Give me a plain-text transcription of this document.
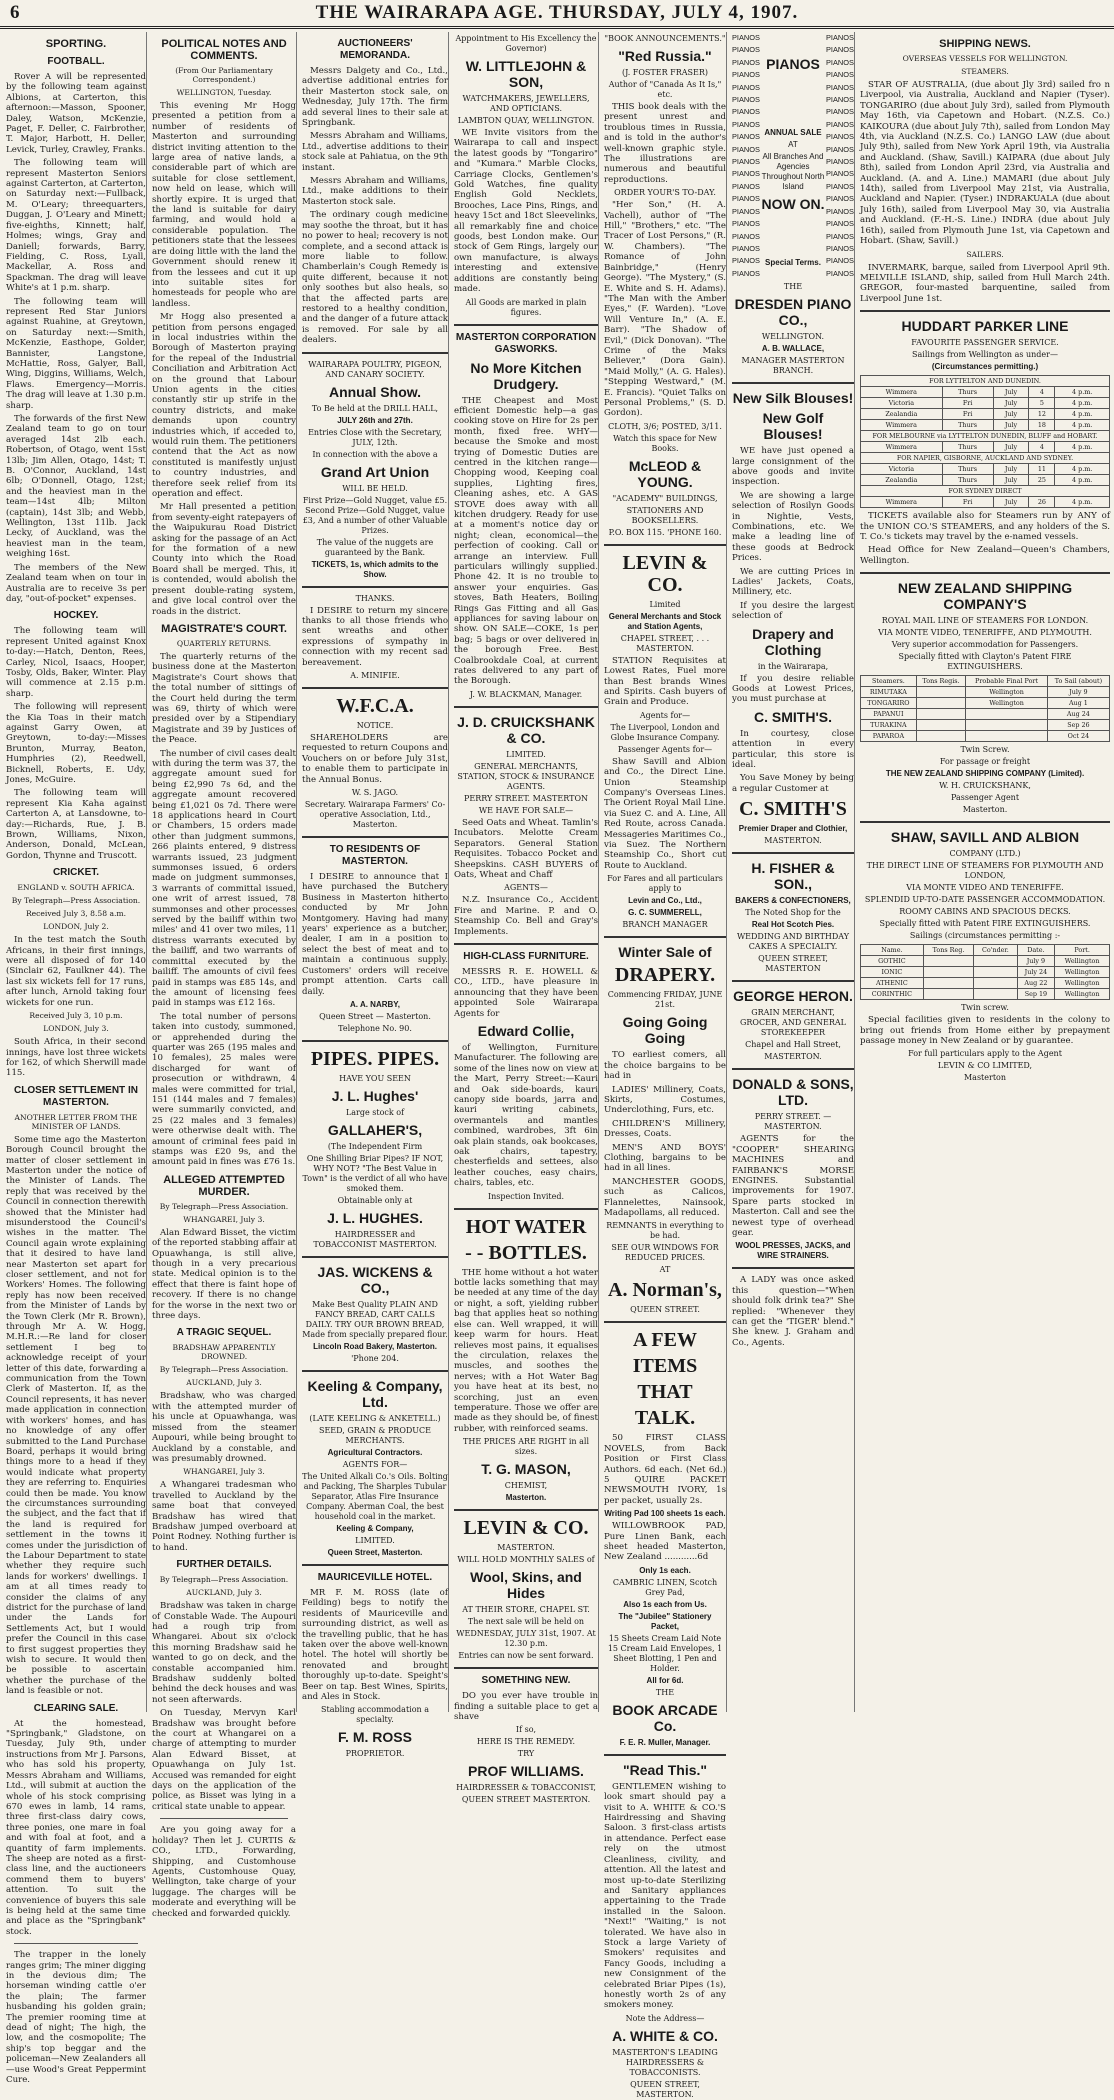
6	THE WAIRARAPA AGE. THURSDAY, JULY 4, 1907.
SPORTING.
FOOTBALL.

Rover A will be represented by the following team against Albions, at Carterton, this afternoon:—Masson, Spooner, Daley, Watson, McKenzie, Paget, F. Deller, C. Fairbrother, T. Major, Harbott, H. Deller, Levick, Turley, Crawley, Franks.

The following team will represent Masterton Seniors against Carterton, at Carterton, on Saturday next:—Fullback, M. O'Leary; threequarters, Duggan, J. O'Leary and Minett; five-eighths, Kinnett; half, Holmes; wings, Gray and Daniell; forwards, Barry, Fielding, C. Ross, Lyall, Mackellar, A. Ross and Spackman. The drag will leave White's at 1 p.m. sharp.

The following team will represent Red Star Juniors against Ruahine, at Greytown, on Saturday next:—Smith, McKenzie, Easthope, Golder, Bannister, Langstone, McHattie, Ross, Galyer, Ball, Wing, Diggins, Williams, Welch, Flaws. Emergency—Morris. The drag will leave at 1.30 p.m. sharp.

The forwards of the first New Zealand team to go on tour averaged 14st 2lb each. Robertson, of Otago, went 15st 13lb; Jim Allen, Otago, 14st; T. B. O'Connor, Auckland, 14st 6lb; O'Donnell, Otago, 12st; and the heaviest man in the team—14st 4lb; Milton (captain), 14st 3lb; and Webb, Wellington, 13st 11lb. Jack Lecky, of Auckland, was the heaviest man in the team, weighing 16st.

The members of the New Zealand team when on tour in Australia are to receive 3s per day, "out-of-pocket" expenses.

HOCKEY.

The following team will represent United against Knox to-day:—Hatch, Denton, Rees, Carley, Nicol, Isaacs, Hooper, Tosby, Olds, Baker, Winter. Play will commence at 2.15 p.m. sharp.

The following will represent the Kia Toas in their match against Garry Owen, at Greytown, to-day:—Misses Brunton, Murray, Beaton, Humphries (2), Reedwell, Bicknell, Roberts, E. Udy, Jones, McGuire.

The following team will represent Kia Kaha against Carterton A, at Lansdowne, to-day:—Richards, Rue, J. B. Brown, Williams, Nixon, Anderson, Donald, McLean, Gordon, Thynne and Truscott.

CRICKET.
ENGLAND v. SOUTH AFRICA.
By Telegraph—Press Association.
Received July 3, 8.58 a.m.
LONDON, July 2.

In the test match the South Africans, in their first innings, were all disposed of for 140 (Sinclair 62, Faulkner 44). The last six wickets fell for 17 runs, after lunch, Arnold taking four wickets for one run.

Received July 3, 10 p.m.
LONDON, July 3.

South Africa, in their second innings, have lost three wickets for 162, of which Sherwill made 115.

CLOSER SETTLEMENT IN MASTERTON.
ANOTHER LETTER FROM THE MINISTER OF LANDS.

Some time ago the Masterton Borough Council brought the matter of closer settlement in Masterton under the notice of the Minister of Lands. The reply that was received by the Council in connection therewith showed that the Minister had misunderstood the Council's wishes in the matter. The Council again wrote explaining that it desired to have land near Masterton set apart for closer settlement, and not for Workers' Homes. The following reply has now been received from the Minister of Lands by the Town Clerk (Mr R. Brown), through Mr A. W. Hogg, M.H.R.:—Re land for closer settlement I beg to acknowledge receipt of your letter of this date, forwarding a communication from the Town Clerk of Masterton. If, as the Council represents, it has never made application in connection with workers' homes, and has no knowledge of any offer submitted to the Land Purchase Board, perhaps it would bring things more to a head if they would indicate what property they are referring to. Enquiries could then be made. You know the circumstances surrounding the subject, and the fact that if the land is required for settlement in the towns it comes under the jurisdiction of the Labour Department to state whether they require such lands for workers' dwellings. I am at all times ready to consider the claims of any district for the purchase of land under the Lands for Settlements Act, but I would prefer the Council in this case to first suggest properties they wish to secure. It would then be possible to ascertain whether the purchase of the land is feasible or not.

CLEARING SALE.

At the homestead, "Springbank," Gladstone, on Tuesday, July 9th, under instructions from Mr J. Parsons, who has sold his property, Messrs Abraham and Williams, Ltd., will submit at auction the whole of his stock comprising 670 ewes in lamb, 14 rams, three first-class dairy cows, three ponies, one mare in foal and with foal at foot, and a quantity of farm implements. The sheep are noted as a first-class line, and the auctioneers commend them to buyers' attention. To suit the convenience of buyers this sale is being held at the same time and place as the "Springbank" stock.

The trapper in the lonely ranges grim; The miner digging in the devious dim; The horseman winding cattle o'er the plain; The farmer husbanding his golden grain; The premier rooming time at dead of night; The high, the low, and the cosmopolite; The ship's top beggar and the policeman—New Zealanders all—use Wood's Great Peppermint Cure.

POLITICAL NOTES AND COMMENTS.
(From Our Parliamentary Correspondent.)
WELLINGTON, Tuesday.

This evening Mr Hogg presented a petition from a number of residents of Masterton and surrounding district inviting attention to the large area of native lands, a considerable part of which are suitable for close settlement, now held on lease, which will shortly expire. It is urged that the land is suitable for dairy farming, and would hold a considerable population. The petitioners state that the lessees are doing little with the land the Government should renew it from the lessees and cut it up into suitable sites for homesteads for people who are landless.

Mr Hogg also presented a petition from persons engaged in local industries within the Borough of Masterton praying for the repeal of the Industrial Conciliation and Arbitration Act on the ground that Labour Union agents in the cities constantly stir up strife in the country districts, and make demands upon country industries which, if acceded to, would ruin them. The petitioners contend that the Act as now constituted is manifestly unjust to country industries, and therefore seek relief from its operation and effect.

Mr Hall presented a petition from seventy-eight ratepayers of the Waipukurau Road District asking for the passage of an Act for the formation of a new County into which the Road Board shall be merged. This, it is contended, would abolish the present double-rating system, and give local control over the roads in the district.

MAGISTRATE'S COURT.
QUARTERLY RETURNS.

The quarterly returns of the business done at the Masterton Magistrate's Court shows that the total number of sittings of the Court held during the term was 69, thirty of which were presided over by a Stipendiary Magistrate and 39 by Justices of the Peace.

The number of civil cases dealt with during the term was 37, the aggregate amount sued for being £2,990 7s 6d, and the aggregate amount recovered being £1,021 0s 7d. There were 18 applications heard in Court or Chambers, 15 orders made other than judgment summons, 266 plaints entered, 9 distress warrants issued, 23 judgment summonses issued, 6 orders made on judgment summonses, 3 warrants of committal issued, one writ of arrest issued, 78 summonses and other processes served by the bailiff within two miles' and 41 over two miles, 11 distress warrants executed by the bailiff, and two warrants of committal executed by the bailiff. The amounts of civil fees paid in stamps was £85 14s, and the amount of licensing fees paid in stamps was £12 16s.

The total number of persons taken into custody, summoned, or apprehended during the quarter was 265 (195 males and 10 females), 25 males were discharged for want of prosecution or withdrawn, 4 males were committed for trial, 151 (144 males and 7 females) were summarily convicted, and 25 (22 males and 3 females) were otherwise dealt with. The amount of criminal fees paid in stamps was £20 9s, and the amount paid in fines was £76 1s.

ALLEGED ATTEMPTED MURDER.
By Telegraph—Press Association.
WHANGAREI, July 3.

Alan Edward Bisset, the victim of the reported stabbing affair at Opuawhanga, is still alive, though in a very precarious state. Medical opinion is to the effect that there is faint hope of recovery. If there is no change for the worse in the next two or three days.

A TRAGIC SEQUEL.
BRADSHAW APPARENTLY DROWNED.
By Telegraph—Press Association.
AUCKLAND, July 3.

Bradshaw, who was charged with the attempted murder of his uncle at Opuawhanga, was missed from the steamer Aupouri, while being brought to Auckland by a constable, and was presumably drowned.

WHANGAREI, July 3.

A Whangarei tradesman who travelled to Auckland by the same boat that conveyed Bradshaw has wired that Bradshaw jumped overboard at Point Rodney. Nothing further is to hand.

FURTHER DETAILS.
By Telegraph—Press Association.
AUCKLAND, July 3.

Bradshaw was taken in charge of Constable Wade. The Aupouri had a rough trip from Whangarei. About six o'clock this morning Bradshaw said he wanted to go on deck, and the constable accompanied him. Bradshaw suddenly bolted behind the deck houses and was not seen afterwards.

On Tuesday, Mervyn Karl Bradshaw was brought before the court at Whangarei on a charge of attempting to murder Alan Edward Bisset, at Opuawhanga on July 1st. Accused was remanded for eight days on the application of the police, as Bisset was lying in a critical state unable to appear.

Are you going away for a holiday? Then let J. CURTIS & CO., LTD., Forwarding, Shipping, and Customhouse Agents, Customhouse Quay, Wellington, take charge of your luggage. The charges will be moderate and everything will be checked and forwarded quickly.

AUCTIONEERS' MEMORANDA.

Messrs Dalgety and Co., Ltd., advertise additional entries for their Masterton stock sale, on Wednesday, July 17th. The firm add several lines to their sale at Springbank.

Messrs Abraham and Williams, Ltd., advertise additions to their stock sale at Pahiatua, on the 9th instant.

Messrs Abraham and Williams, Ltd., make additions to their Masterton stock sale.

The ordinary cough medicine may soothe the throat, but it has no power to heal; recovery is not complete, and a second attack is more liable to follow. Chamberlain's Cough Remedy is quite different, because it not only soothes but also heals, so that the affected parts are restored to a healthy condition, and the danger of a future attack is removed. For sale by all dealers.

WAIRARAPA POULTRY, PIGEON, AND CANARY SOCIETY.
Annual Show.
To Be held at the DRILL HALL,
JULY 26th and 27th.
Entries Close with the Secretary, JULY, 12th.
In connection with the above a
Grand Art Union
WILL BE HELD.
First Prize—Gold Nugget, value £5. Second Prize—Gold Nugget, value £3, And a number of other Valuable Prizes.
The value of the nuggets are guaranteed by the Bank.
TICKETS, 1s, which admits to the Show.
THANKS.

I DESIRE to return my sincere thanks to all those friends who sent wreaths and other expressions of sympathy in connection with my recent sad bereavement.

A. MINIFIE.
W.F.C.A.
NOTICE.

SHAREHOLDERS are requested to return Coupons and Vouchers on or before July 31st, to enable them to participate in the Annual Bonus.

W. S. JAGO.
Secretary. Wairarapa Farmers' Co-operative Association, Ltd., Masterton.
TO RESIDENTS OF MASTERTON.

I DESIRE to announce that I have purchased the Butchery Business in Masterton hitherto conducted by Mr John Montgomery. Having had many years' experience as a butcher, dealer, I am in a position to select the best of meat and to maintain a continuous supply. Customers' orders will receive prompt attention. Carts call daily.

A. A. NARBY,
Queen Street — Masterton.
Telephone No. 90.
PIPES. PIPES.
HAVE YOU SEEN
J. L. Hughes'
Large stock of
GALLAHER'S,
(The Independent Firm
One Shilling Briar Pipes? IF NOT, WHY NOT? "The Best Value in Town" is the verdict of all who have smoked them.
Obtainable only at
J. L. HUGHES.
HAIRDRESSER and TOBACCONIST MASTERTON.
JAS. WICKENS & CO.,
Make Best Quality PLAIN AND FANCY BREAD, CART CALLS DAILY. TRY OUR BROWN BREAD, Made from specially prepared flour.
Lincoln Road Bakery, Masterton.
'Phone 204.
Keeling & Company, Ltd.
(LATE KEELING & ANKETELL.)
SEED, GRAIN & PRODUCE MERCHANTS.
Agricultural Contractors.
AGENTS FOR—
The United Alkali Co.'s Oils. Bolting and Packing, The Sharples Tubular Separator, Atlas Fire Insurance Company. Aberman Coal, the best household coal in the market.
Keeling & Company,
LIMITED.
Queen Street, Masterton.
MAURICEVILLE HOTEL.

MR F. M. ROSS (late of Feilding) begs to notify the residents of Mauriceville and surrounding district, as well as the travelling public, that he has taken over the above well-known hotel. The hotel will shortly be renovated and brought thoroughly up-to-date. Speight's Beer on tap. Best Wines, Spirits, and Ales in Stock.

Stabling accommodation a specialty.
F. M. ROSS
PROPRIETOR.
Appointment to His Excellency the Governor)
W. LITTLEJOHN & SON,
WATCHMAKERS, JEWELLERS, AND OPTICIANS.
LAMBTON QUAY, WELLINGTON.

WE Invite visitors from the Wairarapa to call and inspect the latest goods by "Tongariro" and "Kumara." Marble Clocks, Carriage Clocks, Gentlemen's Gold Watches, fine quality English Gold Necklets, Brooches, Lace Pins, Rings, and heavy 15ct and 18ct Sleevelinks, all remarkably fine and choice goods, best London make. Our stock of Gem Rings, largely our own manufacture, is always interesting and extensive additions are constantly being made.

All Goods are marked in plain figures.
MASTERTON CORPORATION GASWORKS.
No More Kitchen Drudgery.

THE Cheapest and Most efficient Domestic help—a gas cooking stove on Hire for 2s per month, fixed free. WHY—because the Smoke and most trying of Domestic Duties are centred in the kitchen range—Chopping wood, Keeping coal supplies, Lighting fires, Cleaning ashes, etc. A GAS STOVE does away with all kitchen drudgery. Ready for use at a moment's notice day or night; clean, economical—the perfection of cooking. Call or arrange an interview. Full particulars willingly supplied. Phone 42. It is no trouble to answer your enquiries. Gas stoves, Bath Heaters, Boiling Rings Gas Fitting and all Gas appliances for saving labour on show. ON SALE—COKE, 1s per bag; 5 bags or over delivered in the borough Free. Best Coalbrookdale Coal, at current rates delivered to any part of the Borough.

J. W. BLACKMAN, Manager.
J. D. CRUICKSHANK & CO.
LIMITED.
GENERAL MERCHANTS, STATION, STOCK & INSURANCE AGENTS.
PERRY STREET. MASTERTON
WE HAVE FOR SALE—

Seed Oats and Wheat. Tamlin's Incubators. Melotte Cream Separators. General Station Requisites. Tobacco Pocket and Sheepskins. CASH BUYERS of Oats, Wheat and Chaff

AGENTS—

N.Z. Insurance Co., Accident Fire and Marine. P. and O. Steamship Co. Bell and Gray's Implements.

HIGH-CLASS FURNITURE.

MESSRS R. E. HOWELL & CO., LTD., have pleasure in announcing that they have been appointed Sole Wairarapa Agents for

Edward Collie,

of Wellington, Furniture Manufacturer. The following are some of the lines now on view at the Mart, Perry Street:—Kauri and Oak side-boards, kauri canopy side boards, jarra and kauri writing cabinets, overmantels and mantles combined, wardrobes, 3ft 6in oak plain stands, oak bookcases, oak chairs, tapestry, chesterfields and settees, also leather couches, easy chairs, chairs, tables, etc.

Inspection Invited.
HOT WATER
- - BOTTLES.

THE home without a hot water bottle lacks something that may be needed at any time of the day or night, a soft, yielding rubber bag that applies heat so nothing else can. Well wrapped, it will keep warm for hours. Heat relieves most pains, it equalises the circulation, relaxes the muscles, and soothes the nerves; with a Hot Water Bag you have heat at its best, no scorching, just an even temperature. Those we offer are made as they should be, of finest rubber, with reinforced seams.

THE PRICES ARE RIGHT in all sizes.
T. G. MASON,
CHEMIST,
Masterton.
LEVIN & CO.
MASTERTON.
WILL HOLD MONTHLY SALES of
Wool, Skins, and Hides
AT THEIR STORE, CHAPEL ST.
The next sale will be held on
WEDNESDAY, JULY 31st, 1907. At 12.30 p.m.
Entries can now be sent forward.
SOMETHING NEW.

DO you ever have trouble in finding a suitable place to get a shave

If so,
HERE IS THE REMEDY.
TRY
PROF WILLIAMS.
HAIRDRESSER & TOBACCONIST,
QUEEN STREET MASTERTON.
"BOOK ANNOUNCEMENTS."
"Red Russia."
(J. FOSTER FRASER)
Author of "Canada As It Is," etc.

THIS book deals with the present unrest and troublous times in Russia, and is told in the author's well-known graphic style. The illustrations are numerous and beautiful reproductions.

ORDER YOUR'S TO-DAY.

"Her Son," (H. A. Vachell), author of "The Hill," "Brothers," etc. "The Tracer of Lost Persons," (R. W. Chambers). "The Romance of John Bainbridge," (Henry George). "The Mystery," (S. E. White and S. H. Adams). "The Man with the Amber Eyes," (F. Warden). "Love Will Venture In," (A. E. Barr). "The Shadow of Evil," (Dick Donovan). "The Crime of the Maks Believer," (Dora Gain). "Maid Molly," (A. G. Hales). "Stepping Westward," (M. E. Francis). "Quiet Talks on Personal Problems," (S. D. Gordon).

CLOTH, 3/6; POSTED, 3/11.
Watch this space for New Books.
McLEOD & YOUNG.
"ACADEMY" BUILDINGS,
STATIONERS AND BOOKSELLERS.
P.O. BOX 115. 'PHONE 160.
LEVIN & CO.
Limited
General Merchants and Stock and Station Agents,
CHAPEL STREET, . . . MASTERTON.

STATION Requisites at Lowest Rates, Fuel more than Best brands Wines and Spirits. Cash buyers of Grain and Produce.

Agents for—
The Liverpool, London and Globe Insurance Company.
Passenger Agents for—

Shaw Savill and Albion and Co., the Direct Line. Union Steamship Company's Overseas Lines. The Orient Royal Mail Line. via Suez C. and A. Line, All Red Route, across Canada. Messageries Maritimes Co., via Suez. The Northern Steamship Co., Short cut Route to Auckland.

For Fares and all particulars apply to
Levin and Co., Ltd.,
G. C. SUMMERELL,
BRANCH MANAGER
Winter Sale of
DRAPERY.
Commencing FRIDAY, JUNE 21st.
Going Going Going

TO earliest comers, all the choice bargains to be had in

LADIES' Millinery, Coats, Skirts, Costumes, Underclothing, Furs, etc.

CHILDREN'S Millinery, Dresses, Coats.

MEN'S AND BOYS' Clothing, bargains to be had in all lines.

MANCHESTER GOODS, such as Calicos, Flannelettes, Nainsook, Madapollams, all reduced.

REMNANTS in everything to be had.
SEE OUR WINDOWS FOR REDUCED PRICES.
AT
A. Norman's,
QUEEN STREET.
A FEW
ITEMS
THAT
TALK.

50 FIRST CLASS NOVELS, from Back Position or First Class Authors. 6d each. (Net 6d.) 5 QUIRE PACKET NEWSMOUTH IVORY, 1s per packet, usually 2s.

Writing Pad 100 sheets 1s each.

WILLOWBROOK PAD, Pure Linen Bank, each sheet headed Masterton, New Zealand ............6d

Only 1s each.
CAMBRIC LINEN, Scotch Grey Pad,
Also 1s each from Us.
The "Jubilee" Stationery Packet,
15 Sheets Cream Laid Note 15 Cream Laid Envelopes, 1 Sheet Blotting, 1 Pen and Holder.
All for 6d.
THE
BOOK ARCADE Co.
F. E. R. Muller, Manager.
"Read This."

GENTLEMEN wishing to look smart should pay a visit to A. WHITE & CO.'S Hairdressing and Shaving Saloon. 3 first-class artists in attendance. Perfect ease rely on the utmost Cleanliness, civility, and attention. All the latest and most up-to-date Sterilizing and Sanitary appliances appertaining to the Trade installed in the Saloon. "Next!" "Waiting," is not tolerated. We have also in Stock a large Variety of Smokers' requisites and Fancy Goods, including a new Consignment of the celebrated Briar Pipes (1s), honestly worth 2s of any smokers money.

Note the Address—
A. WHITE & CO.
MASTERTON'S LEADING HAIRDRESSERS & TOBACCONISTS.
QUEEN STREET, MASTERTON.
PIANOS
PIANOS
PIANOS
PIANOS
PIANOS
PIANOS
PIANOS
PIANOS
PIANOS
PIANOS
PIANOS
PIANOS
PIANOS
PIANOS
PIANOS
PIANOS
PIANOS
PIANOS
PIANOS
PIANOS
PIANOS
ANNUAL SALE
AT
All Branches And Agencies Throughout North Island
NOW ON.
Special Terms.
PIANOS
PIANOS
PIANOS
PIANOS
PIANOS
PIANOS
PIANOS
PIANOS
PIANOS
PIANOS
PIANOS
PIANOS
PIANOS
PIANOS
PIANOS
PIANOS
PIANOS
PIANOS
PIANOS
PIANOS
THE
DRESDEN PIANO CO.,
WELLINGTON.
A. B. WALLACE,
MANAGER MASTERTON BRANCH.
New Silk Blouses!
New Golf Blouses!

WE have just opened a large consignment of the above goods and invite inspection.

We are showing a large selection of Rosilyn Goods in Nightie, Vests, Combinations, etc. We make a leading line of these goods at Bedrock Prices.

We are cutting Prices in Ladies' Jackets, Coats, Millinery, etc.

If you desire the largest selection of

Drapery and Clothing
in the Wairarapa,

If you desire reliable Goods at Lowest Prices, you must purchase at

C. SMITH'S.

In courtesy, close attention in every particular, this store is ideal.

You Save Money by being a regular Customer at

C. SMITH'S
Premier Draper and Clothier,
MASTERTON.
H. FISHER & SON.,
BAKERS & CONFECTIONERS,
The Noted Shop for the
Real Hot Scotch Pies.
WEDDING AND BIRTHDAY CAKES A SPECIALTY.
QUEEN STREET, MASTERTON
GEORGE HERON.
GRAIN MERCHANT, GROCER, AND GENERAL STOREKEEPER
Chapel and Hall Street,
MASTERTON.
DONALD & SONS, LTD.
PERRY STREET. — MASTERTON.

AGENTS for the "COOPER" SHEARING MACHINES and FAIRBANK'S MORSE ENGINES. Substantial improvements for 1907. Spare parts stocked in Masterton. Call and see the newest type of overhead gear.

WOOL PRESSES, JACKS, and WIRE STRAINERS.

A LADY was once asked this question—"When should folk drink tea?" She replied: "Whenever they can get the 'TIGER' blend." She knew. J. Graham and Co., Agents.

SHIPPING NEWS.
OVERSEAS VESSELS FOR WELLINGTON.
STEAMERS.

STAR OF AUSTRALIA, (due about Jly 3rd) sailed fro n Liverpool, via Australia, Auckland and Napier (Tyser). TONGARIRO (due about July 3rd), sailed from Plymouth May 16th, via Capetown and Hobart. (N.Z.S. Co.) KAIKOURA (due about July 7th), sailed from London May 4th, via Auckland (N.Z.S. Co.) LANGO LAW (due about July 9th), sailed from New York April 19th, via Australia and Auckland. (Shaw, Savill.) KAIPARA (due about July 8th), sailed from London April 23rd, via Australia and Auckland. (A. and A. Line.) MAMARI (due about July 14th), sailed from Liverpool May 21st, via Australia, Auckland and Napier. (Tyser.) INDRAKUALA (due about July 16th), sailed from Liverpool May 30, via Australia and Auckland. (F.-H.-S. Line.) INDRA (due about July 16th), sailed from Plymouth June 1st, via Capetown and Hobart. (Shaw, Savill.)

SAILERS.

INVERMARK, barque, sailed from Liverpool April 9th. MELVILLE ISLAND, ship, sailed from Hull March 24th. GREGOR, four-masted barquentine, sailed from Liverpool June 1st.

HUDDART PARKER LINE
FAVOURITE PASSENGER SERVICE.
Sailings from Wellington as under—
(Circumstances permitting.)
FOR LYTTELTON AND DUNEDIN.				
Wimmera	Thurs	July	4	4 p.m.
Victoria	Fri	July	5	4 p.m.
Zealandia	Fri	July	12	4 p.m.
Wimmera	Thurs	July	18	4 p.m.
FOR MELBOURNE via LYTTELTON DUNEDIN, BLUFF and HOBART.				
Wimmera	Thurs	July	4	4 p.m.
FOR NAPIER, GISBORNE, AUCKLAND AND SYDNEY.				
Victoria	Thurs	July	11	4 p.m.
Zealandia	Thurs	July	25	4 p.m.
FOR SYDNEY DIRECT				
Wimmera	Fri	July	26	4 p.m.

TICKETS available also for Steamers run by ANY of the UNION CO.'S STEAMERS, and any holders of the S. T. Co.'s tickets may travel by the e-named vessels.

Head Office for New Zealand—Queen's Chambers, Wellington.

NEW ZEALAND SHIPPING COMPANY'S
ROYAL MAIL LINE OF STEAMERS FOR LONDON.
VIA MONTE VIDEO, TENERIFFE, AND PLYMOUTH.
Very superior accommodation for Passengers.
Specially fitted with Clayton's Patent FIRE EXTINGUISHERS.
Steamers.	Tons Regis.	Probable Final Port	To Sail (about)
RIMUTAKA		Wellington	July 9
TONGARIRO		Wellington	Aug 1
PAPANUI			Aug 24
TURAKINA			Sep 26
PAPAROA			Oct 24
Twin Screw.
For passage or freight
THE NEW ZEALAND SHIPPING COMPANY (Limited).
W. H. CRUICKSHANK,
Passenger Agent
Masterton.
SHAW, SAVILL AND ALBION
COMPANY (LTD.)
THE DIRECT LINE OF STEAMERS FOR PLYMOUTH AND LONDON,
VIA MONTE VIDEO AND TENERIFFE.
SPLENDID UP-TO-DATE PASSENGER ACCOMMODATION.
ROOMY CABINS AND SPACIOUS DECKS.
Specially fitted with Patent FIRE EXTINGUISHERS.
Sailings (circumstances permitting :-
Name.	Tons Reg.	Co'nder.	Date.	Port.
GOTHIC			July 9	Wellington
IONIC			July 24	Wellington
ATHENIC			Aug 22	Wellington
CORINTHIC			Sep 19	Wellington
Twin screw.

Special facilities given to residents in the colony to bring out friends from Home either by prepayment passage money in New Zealand or by guarantee.

For full particulars apply to the Agent
LEVIN & CO LIMITED,
Masterton
